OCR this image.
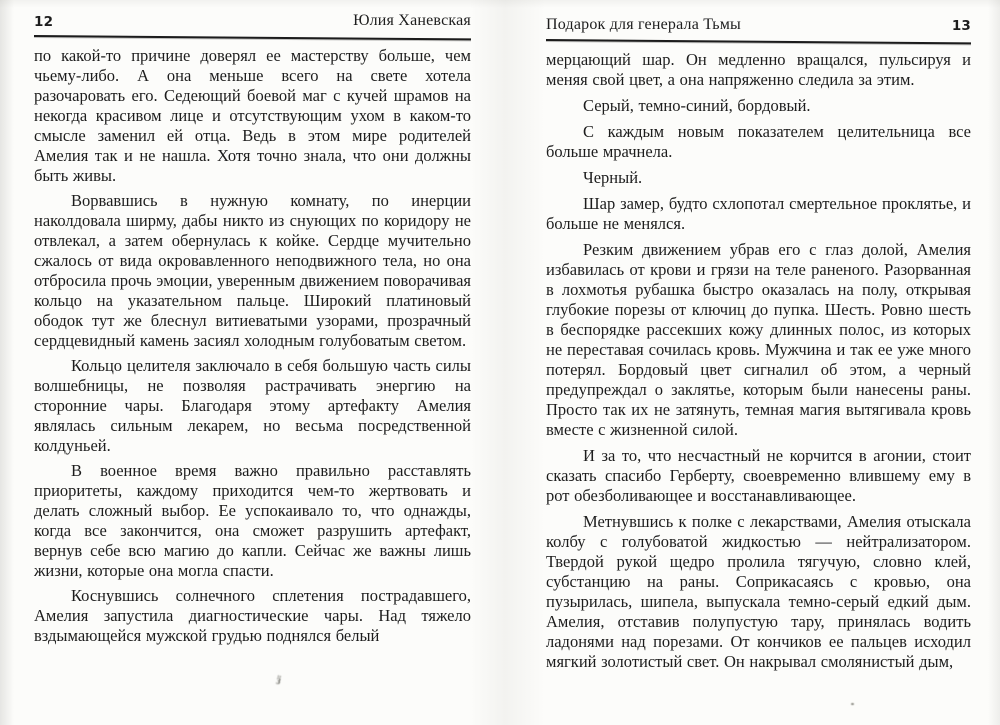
12	Юлия Ханевская

по какой-то причине доверял ее мастерству больше, чем чьему-либо. А она меньше всего на свете хотела разочаровать его. Седеющий боевой маг с кучей шрамов на некогда красивом лице и отсутствующим ухом в каком-то смысле заменил ей отца. Ведь в этом мире родителей Амелия так и не нашла. Хотя точно знала, что они должны быть живы.

Ворвавшись в нужную комнату, по инерции наколдовала ширму, дабы никто из снующих по коридору не отвлекал, а затем обернулась к койке. Сердце мучительно сжалось от вида окровавленного неподвижного тела, но она отбросила прочь эмоции, уверенным движением поворачивая кольцо на указательном пальце. Широкий платиновый ободок тут же блеснул витиеватыми узорами, прозрачный сердцевидный камень засиял холодным голубоватым светом.

Кольцо целителя заключало в себя большую часть силы волшебницы, не позволяя растрачивать энергию на сторонние чары. Благодаря этому артефакту Амелия являлась сильным лекарем, но весьма посредственной колдуньей.

В военное время важно правильно расставлять приоритеты, каждому приходится чем-то жертвовать и делать сложный выбор. Ее успокаивало то, что однажды, когда все закончится, она сможет разрушить артефакт, вернув себе всю магию до капли. Сейчас же важны лишь жизни, которые она могла спасти.

Коснувшись солнечного сплетения пострадавшего, Амелия запустила диагностические чары. Над тяжело вздымающейся мужской грудью поднялся белый

Подарок для генерала Тьмы	13

мерцающий шар. Он медленно вращался, пульсируя и меняя свой цвет, а она напряженно следила за этим.

Серый, темно-синий, бордовый.

С каждым новым показателем целительница все больше мрачнела.

Черный.

Шар замер, будто схлопотал смертельное проклятье, и больше не менялся.

Резким движением убрав его с глаз долой, Амелия избавилась от крови и грязи на теле раненого. Разорванная в лохмотья рубашка быстро оказалась на полу, открывая глубокие порезы от ключиц до пупка. Шесть. Ровно шесть в беспорядке рассекших кожу длинных полос, из которых не переставая сочилась кровь. Мужчина и так ее уже много потерял. Бордовый цвет сигналил об этом, а черный предупреждал о заклятье, которым были нанесены раны. Просто так их не затянуть, темная магия вытягивала кровь вместе с жизненной силой.

И за то, что несчастный не корчится в агонии, стоит сказать спасибо Герберту, своевременно влившему ему в рот обезболивающее и восстанавливающее.

Метнувшись к полке с лекарствами, Амелия отыскала колбу с голубоватой жидкостью — нейтрализатором. Твердой рукой щедро пролила тягучую, словно клей, субстанцию на раны. Соприкасаясь с кровью, она пузырилась, шипела, выпускала темно-серый едкий дым. Амелия, отставив полупустую тару, принялась водить ладонями над порезами. От кончиков ее пальцев исходил мягкий золотистый свет. Он накрывал смолянистый дым,

ӟ
